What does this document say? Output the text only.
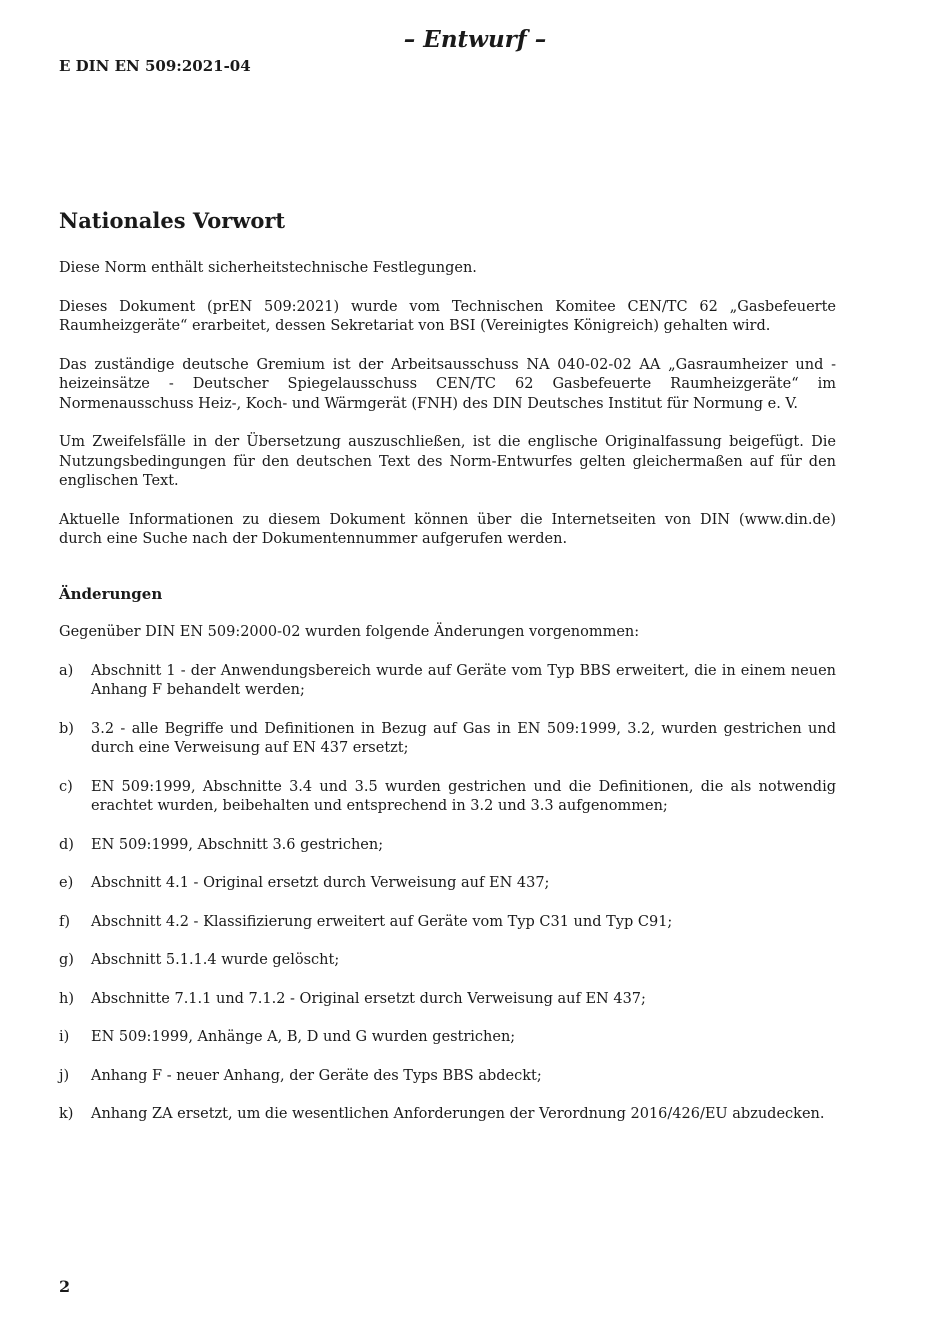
– Entwurf –
E DIN EN 509:2021-04
Nationales Vorwort

Diese Norm enthält sicherheitstechnische Festlegungen.

Dieses Dokument (prEN 509:2021) wurde vom Technischen Komitee CEN/TC 62 „Gasbefeuerte Raumheizgeräte“ erarbeitet, dessen Sekretariat von BSI (Vereinigtes Königreich) gehalten wird.

Das zuständige deutsche Gremium ist der Arbeitsausschuss NA 040-02-02 AA „Gasraumheizer und -heizeinsätze - Deutscher Spiegelausschuss CEN/TC 62 Gasbefeuerte Raumheizgeräte“ im Normenausschuss Heiz-, Koch- und Wärmgerät (FNH) des DIN Deutsches Institut für Normung e. V.

Um Zweifelsfälle in der Übersetzung auszuschließen, ist die englische Originalfassung beigefügt. Die Nutzungsbedingungen für den deutschen Text des Norm-Entwurfes gelten gleichermaßen auf für den englischen Text.

Aktuelle Informationen zu diesem Dokument können über die Internetseiten von DIN (www.din.de) durch eine Suche nach der Dokumentennummer aufgerufen werden.

Änderungen

Gegenüber DIN EN 509:2000-02 wurden folgende Änderungen vorgenommen:

a) Abschnitt 1 - der Anwendungsbereich wurde auf Geräte vom Typ BBS erweitert, die in einem neuen Anhang F behandelt werden;
b) 3.2 - alle Begriffe und Definitionen in Bezug auf Gas in EN 509:1999, 3.2, wurden gestrichen und durch eine Verweisung auf EN 437 ersetzt;
c) EN 509:1999, Abschnitte 3.4 und 3.5 wurden gestrichen und die Definitionen, die als notwendig erachtet wurden, beibehalten und entsprechend in 3.2 und 3.3 aufgenommen;
d) EN 509:1999, Abschnitt 3.6 gestrichen;
e) Abschnitt 4.1 - Original ersetzt durch Verweisung auf EN 437;
f) Abschnitt 4.2 - Klassifizierung erweitert auf Geräte vom Typ C31 und Typ C91;
g) Abschnitt 5.1.1.4 wurde gelöscht;
h) Abschnitte 7.1.1 und 7.1.2 - Original ersetzt durch Verweisung auf EN 437;
i) EN 509:1999, Anhänge A, B, D und G wurden gestrichen;
j) Anhang F - neuer Anhang, der Geräte des Typs BBS abdeckt;
k) Anhang ZA ersetzt, um die wesentlichen Anforderungen der Verordnung 2016/426/EU abzudecken.
2
